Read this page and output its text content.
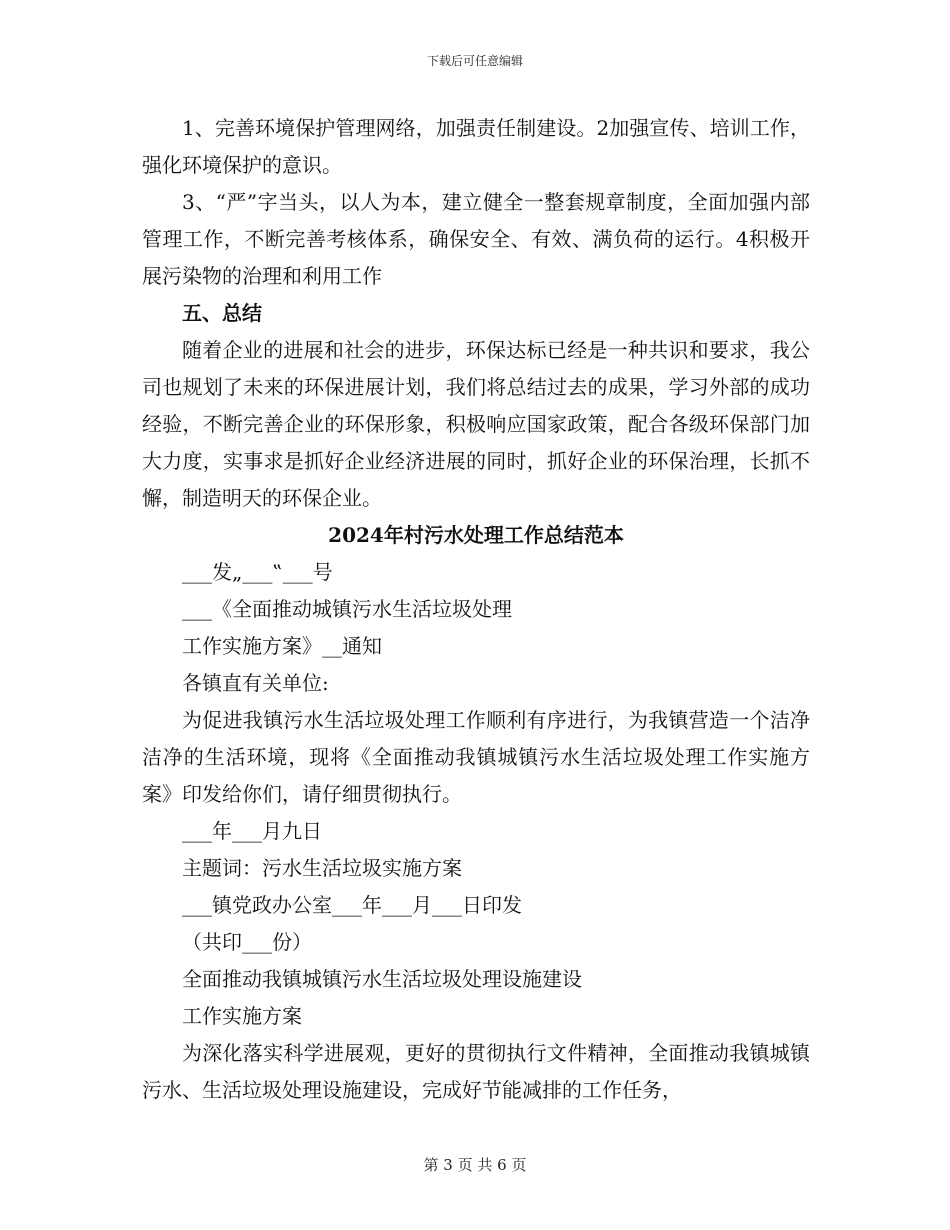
下载后可任意编辑

1、完善环境保护管理网络，加强责任制建设。2加强宣传、培训工作，强化环境保护的意识。

3、“严”字当头，以人为本，建立健全一整套规章制度，全面加强内部管理工作，不断完善考核体系，确保安全、有效、满负荷的运行。4积极开展污染物的治理和利用工作

五、总结

随着企业的进展和社会的进步，环保达标已经是一种共识和要求，我公司也规划了未来的环保进展计划，我们将总结过去的成果，学习外部的成功经验，不断完善企业的环保形象，积极响应国家政策，配合各级环保部门加大力度，实事求是抓好企业经济进展的同时，抓好企业的环保治理，长抓不懈，制造明天的环保企业。

2024年村污水处理工作总结范本

___发„___‟___号

___《全面推动城镇污水生活垃圾处理

工作实施方案》__通知

各镇直有关单位:

为促进我镇污水生活垃圾处理工作顺利有序进行，为我镇营造一个洁净洁净的生活环境，现将《全面推动我镇城镇污水生活垃圾处理工作实施方案》印发给你们，请仔细贯彻执行。

___年___月九日

主题词：污水生活垃圾实施方案

___镇党政办公室___年___月___日印发

（共印___份）

全面推动我镇城镇污水生活垃圾处理设施建设

工作实施方案

为深化落实科学进展观，更好的贯彻执行文件精神，全面推动我镇城镇污水、生活垃圾处理设施建设，完成好节能减排的工作任务，

第 3 页 共 6 页
